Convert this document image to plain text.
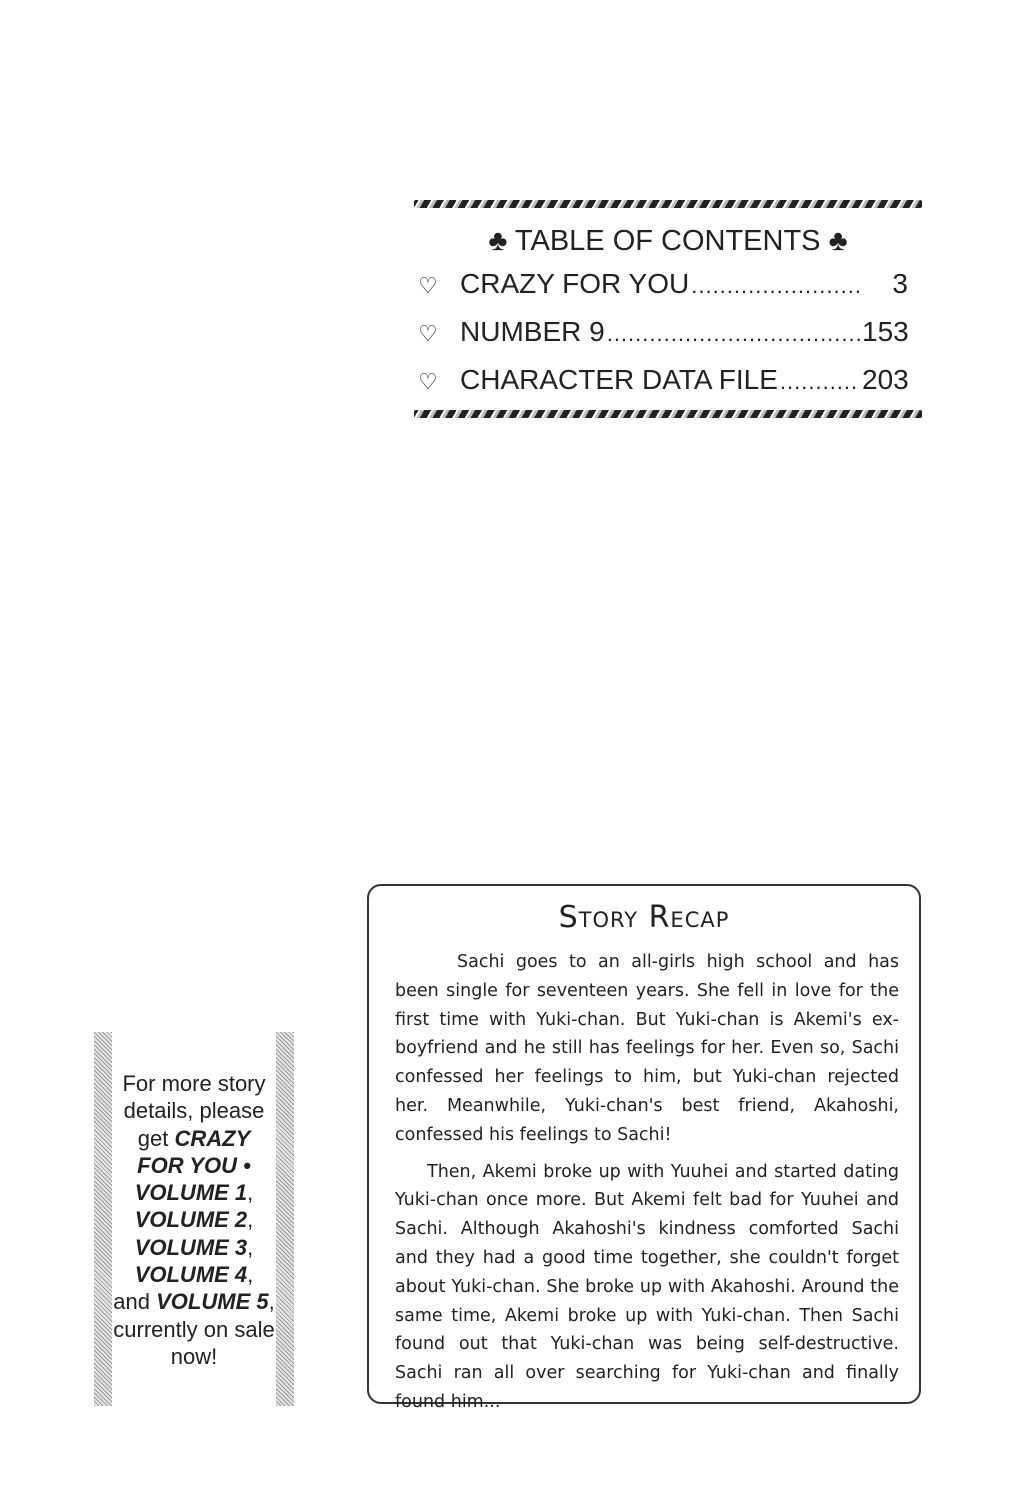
♣ TABLE OF CONTENTS ♣
♡ CRAZY FOR YOU .....	3
♡ NUMBER 9 .....	153
♡ CHARACTER DATA FILE .....	203
For more story details, please get CRAZY FOR YOU •
VOLUME 1,
VOLUME 2,
VOLUME 3,
VOLUME 4,
and VOLUME 5, currently on sale now!
Story Recap

Sachi goes to an all-girls high school and has been single for seventeen years. She fell in love for the first time with Yuki-chan. But Yuki-chan is Akemi's ex-boyfriend and he still has feelings for her. Even so, Sachi confessed her feelings to him, but Yuki-chan rejected her. Meanwhile, Yuki-chan's best friend, Akahoshi, confessed his feelings to Sachi!

Then, Akemi broke up with Yuuhei and started dating Yuki-chan once more. But Akemi felt bad for Yuuhei and Sachi. Although Akahoshi's kindness comforted Sachi and they had a good time together, she couldn't forget about Yuki-chan. She broke up with Akahoshi. Around the same time, Akemi broke up with Yuki-chan. Then Sachi found out that Yuki-chan was being self-destructive. Sachi ran all over searching for Yuki-chan and finally found him...
